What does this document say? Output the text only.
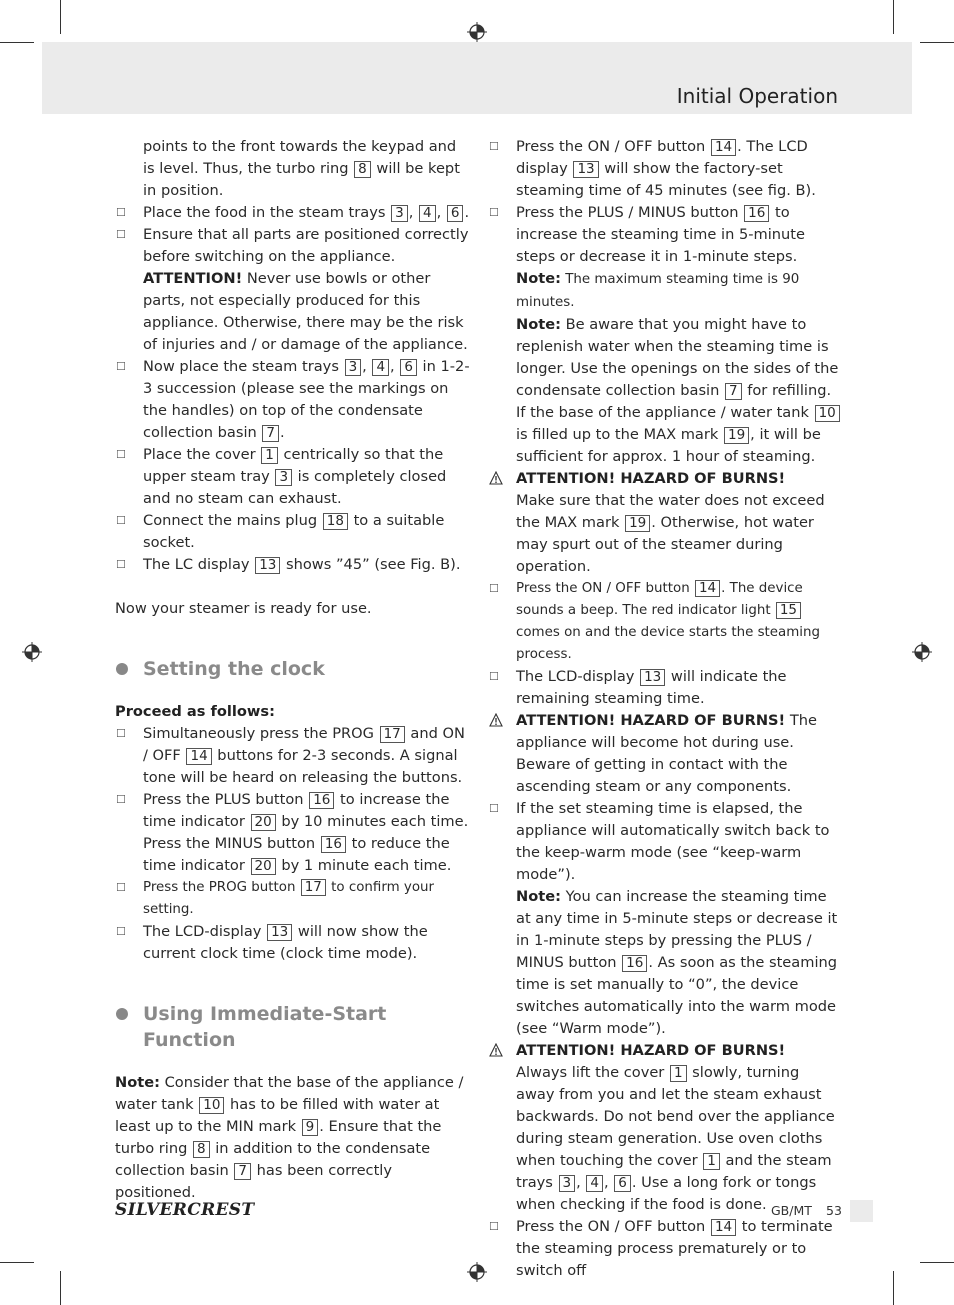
Initial Operation
points to the front towards the keypad and is level. Thus, the turbo ring 8 will be kept in position.
☐ Place the food in the steam trays 3 , 4 , 6 .
☐ Ensure that all parts are positioned correctly before switching on the appliance.
ATTENTION! Never use bowls or other parts, not especially produced for this appliance. Otherwise, there may be the risk of injuries and / or damage of the appliance.
☐ Now place the steam trays 3 , 4 , 6 in 1-2-3 succession (please see the markings on the handles) on top of the condensate collection basin 7 .
☐ Place the cover 1 centrically so that the upper steam tray 3 is completely closed and no steam can exhaust.
☐ Connect the mains plug 18 to a suitable socket.
☐ The LC display 13 shows ”45” (see Fig. B).
Now your steamer is ready for use.
Setting the clock
Proceed as follows:
☐ Simultaneously press the PROG 17 and ON / OFF 14 buttons for 2-3 seconds. A signal tone will be heard on releasing the buttons.
☐ Press the PLUS button 16 to increase the time indicator 20 by 10 minutes each time. Press the MINUS button 16 to reduce the time indicator 20 by 1 minute each time.
☐ Press the PROG button 17 to confirm your setting.
☐ The LCD-display 13 will now show the current clock time (clock time mode).
Using Immediate-Start Function
Note: Consider that the base of the appliance / water tank 10 has to be filled with water at least up to the MIN mark 9 . Ensure that the turbo ring 8 in addition to the condensate collection basin 7 has been correctly positioned.
☐ Press the ON / OFF button 14 . The LCD display 13 will show the factory-set steaming time of 45 minutes (see fig. B).
☐ Press the PLUS / MINUS button 16 to increase the steaming time in 5-minute steps or decrease it in 1-minute steps.
Note: The maximum steaming time is 90 minutes.
Note: Be aware that you might have to replenish water when the steaming time is longer. Use the openings on the sides of the condensate collection basin 7 for refilling. If the base of the appliance / water tank 10 is filled up to the MAX mark 19 , it will be sufficient for approx. 1 hour of steaming.
ATTENTION! HAZARD OF BURNS!
Make sure that the water does not exceed the MAX mark 19 . Otherwise, hot water may spurt out of the steamer during operation.
☐ Press the ON / OFF button 14 . The device sounds a beep. The red indicator light 15 comes on and the device starts the steaming process.
☐ The LCD-display 13 will indicate the remaining steaming time.
ATTENTION! HAZARD OF BURNS! The appliance will become hot during use. Beware of getting in contact with the ascending steam or any components.
☐ If the set steaming time is elapsed, the appliance will automatically switch back to the keep-warm mode (see “keep-warm mode”).
Note: You can increase the steaming time at any time in 5-minute steps or decrease it in 1-minute steps by pressing the PLUS / MINUS button 16 . As soon as the steaming time is set manually to “0”, the device switches automatically into the warm mode (see “Warm mode”).
ATTENTION! HAZARD OF BURNS!
Always lift the cover 1 slowly, turning away from you and let the steam exhaust backwards. Do not bend over the appliance during steam generation. Use oven cloths when touching the cover 1 and the steam trays 3 , 4 , 6 . Use a long fork or tongs when checking if the food is done.
☐ Press the ON / OFF button 14 to terminate the steaming process prematurely or to switch off
SILVERCREST	GB/MT 53
